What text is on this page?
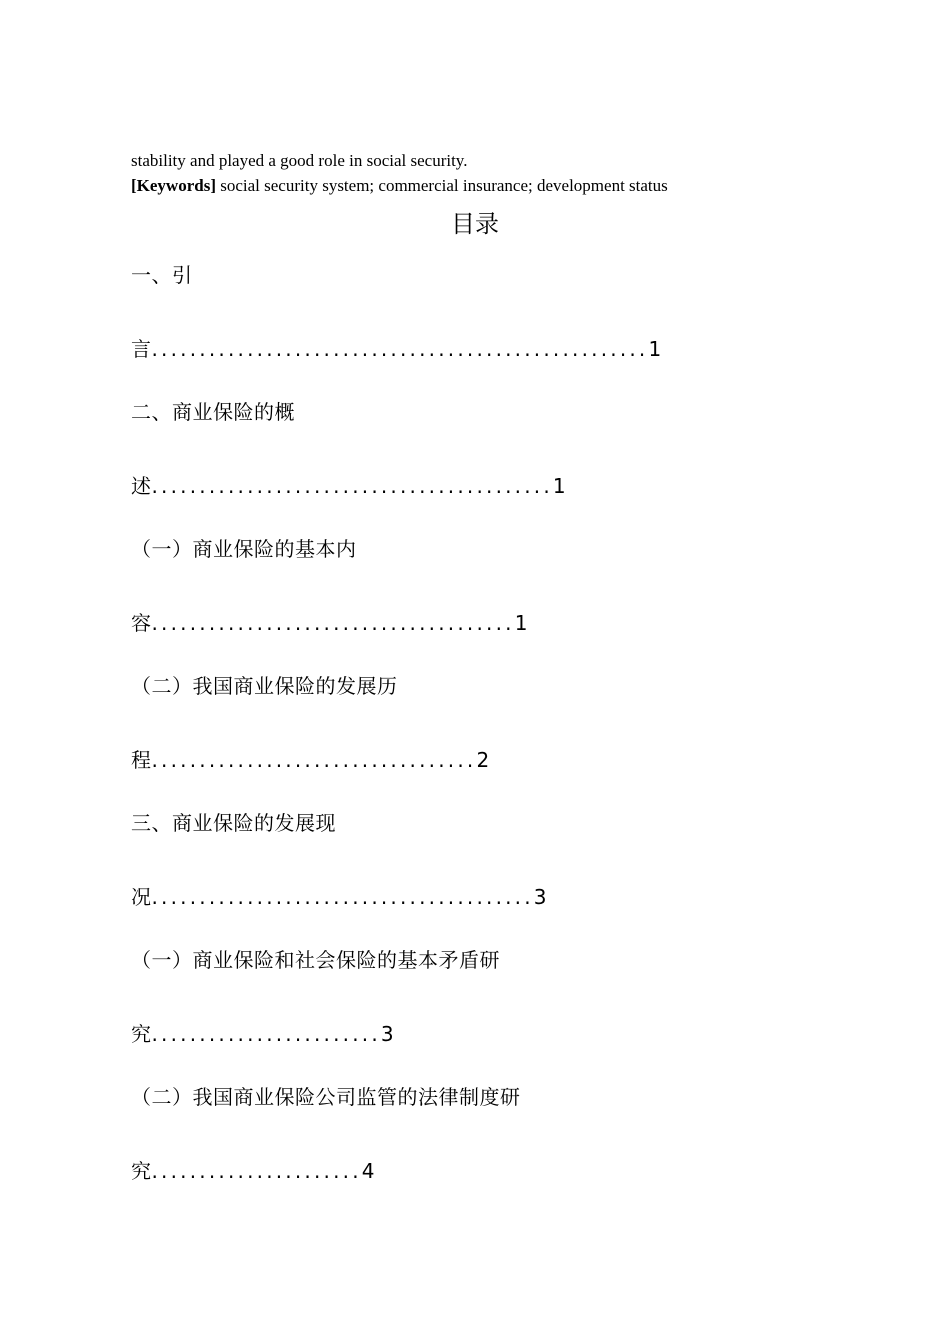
stability and played a good role in social security.
[Keywords] social security system; commercial insurance; development status
目录
一、引
言....................................................1
二、商业保险的概
述..........................................1
（一）商业保险的基本内
容......................................1
（二）我国商业保险的发展历
程..................................2
三、商业保险的发展现
况........................................3
（一）商业保险和社会保险的基本矛盾研
究........................3
（二）我国商业保险公司监管的法律制度研
究......................4
